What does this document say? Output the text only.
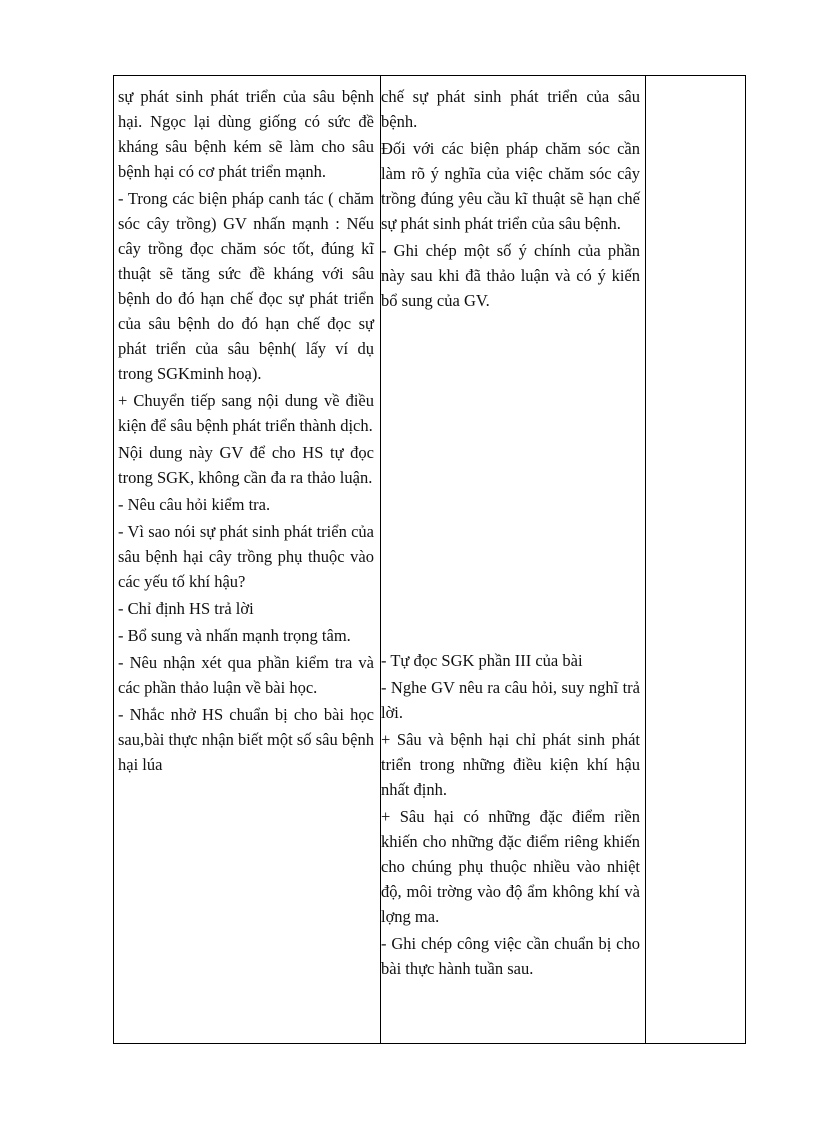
sự phát sinh phát triển của sâu bệnh hại. Ngọc lại dùng giống có sức đề kháng sâu bệnh kém sẽ làm cho sâu bệnh hại có cơ phát triển mạnh.

- Trong các biện pháp canh tác ( chăm sóc cây trồng) GV nhấn mạnh : Nếu cây trồng đọc chăm sóc tốt, đúng kĩ thuật sẽ tăng sức đề kháng với sâu bệnh do đó hạn chế đọc sự phát triển của sâu bệnh do đó hạn chế đọc sự phát triển của sâu bệnh( lấy ví dụ trong SGKminh hoạ).

+ Chuyển tiếp sang nội dung về điều kiện để sâu bệnh phát triển thành dịch.

Nội dung này GV để cho HS tự đọc trong SGK, không cần đa ra thảo luận.

- Nêu câu hỏi kiểm tra.

- Vì sao nói sự phát sinh phát triển của sâu bệnh hại cây trồng phụ thuộc vào các yếu tố khí hậu?

- Chỉ định HS trả lời

- Bổ sung và nhấn mạnh trọng tâm.

- Nêu nhận xét qua phần kiểm tra và các phần thảo luận về bài học.

- Nhắc nhở HS chuẩn bị cho bài học sau,bài thực nhận biết một số sâu bệnh hại lúa

chế sự phát sinh phát triển của sâu bệnh.

Đối với các biện pháp chăm sóc cần làm rõ ý nghĩa của việc chăm sóc cây trồng đúng yêu cầu kĩ thuật sẽ hạn chế sự phát sinh phát triển của sâu bệnh.

- Ghi chép một số ý chính của phần này sau khi đã thảo luận và có ý kiến bổ sung của GV.

- Tự đọc SGK phần III của bài

- Nghe GV nêu ra câu hỏi, suy nghĩ trả lời.

+ Sâu và bệnh hại chỉ phát sinh phát triển trong những điều kiện khí hậu nhất định.

+ Sâu hại có những đặc điểm riền khiến cho những đặc điểm riêng khiến cho chúng phụ thuộc nhiều vào nhiệt độ, môi trờng vào độ ẩm không khí và lợng ma.

- Ghi chép công việc cần chuẩn bị cho bài thực hành tuần sau.
